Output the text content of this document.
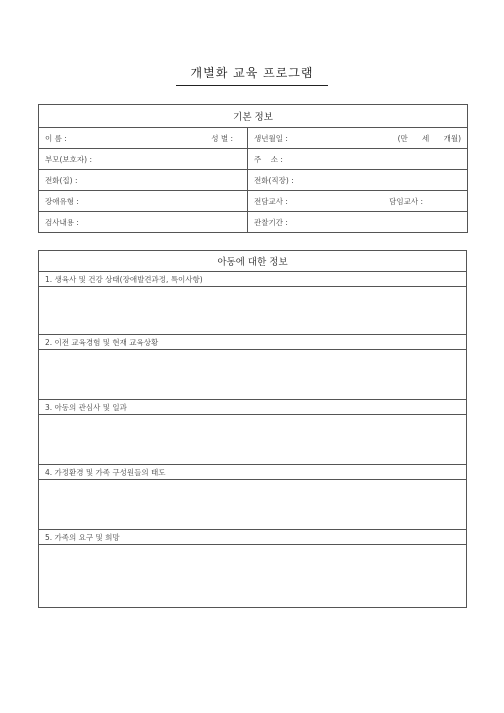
개별화 교육 프로그램
기본 정보	

이 름 : 성 별 :	생년월일 : (만      세      개월)

부모(보호자) :	주    소 :
전화(집) :	전화(직장) :
장애유형 :	전담교사 : 담임교사 :

검사내용 :	관찰기간 :
아동에 대한 정보
1. 생육사 및 건강 상태(장애발견과정, 특이사항)

2. 이전 교육경험 및 현재 교육상황

3. 아동의 관심사 및 일과

4. 가정환경 및 가족 구성원들의 태도

5. 가족의 요구 및 희망
